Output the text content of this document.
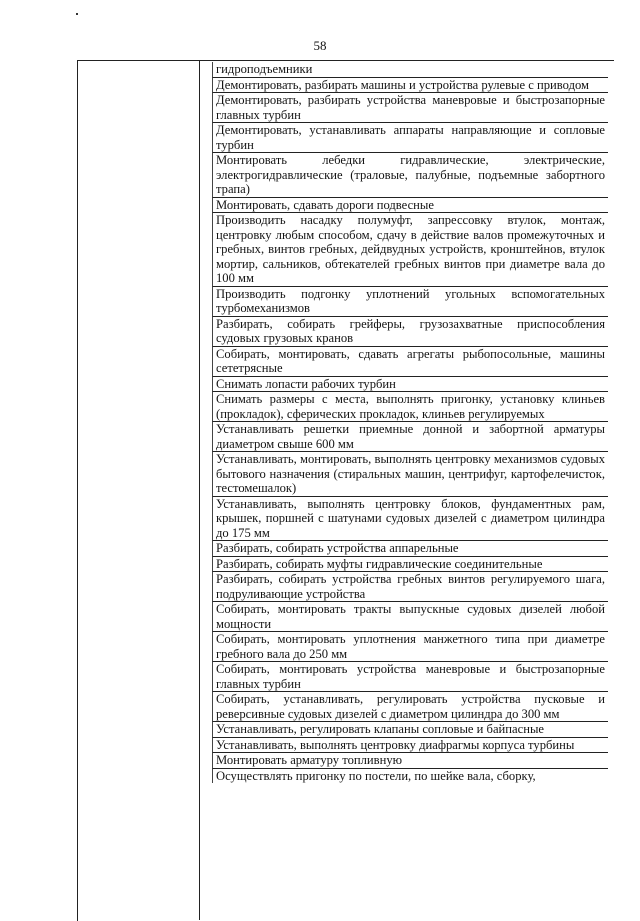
58
гидроподъемники
Демонтировать, разбирать машины и устройства рулевые с приводом
Демонтировать, разбирать устройства маневровые и быстрозапорные главных турбин
Демонтировать, устанавливать аппараты направляющие и сопловые турбин
Монтировать лебедки гидравлические, электрические, электрогидравлические (траловые, палубные, подъемные забортного трапа)
Монтировать, сдавать дороги подвесные
Производить насадку полумуфт, запрессовку втулок, монтаж, центровку любым способом, сдачу в действие валов промежуточных и гребных, винтов гребных, дейдвудных устройств, кронштейнов, втулок мортир, сальников, обтекателей гребных винтов при диаметре вала до 100 мм
Производить подгонку уплотнений угольных вспомогательных турбомеханизмов
Разбирать, собирать грейферы, грузозахватные приспособления судовых грузовых кранов
Собирать, монтировать, сдавать агрегаты рыбопосольные, машины сететрясные
Снимать лопасти рабочих турбин
Снимать размеры с места, выполнять пригонку, установку клиньев (прокладок), сферических прокладок, клиньев регулируемых
Устанавливать решетки приемные донной и забортной арматуры диаметром свыше 600 мм
Устанавливать, монтировать, выполнять центровку механизмов судовых бытового назначения (стиральных машин, центрифуг, картофелечисток, тестомешалок)
Устанавливать, выполнять центровку блоков, фундаментных рам, крышек, поршней с шатунами судовых дизелей с диаметром цилиндра до 175 мм
Разбирать, собирать устройства аппарельные
Разбирать, собирать муфты гидравлические соединительные
Разбирать, собирать устройства гребных винтов регулируемого шага, подруливающие устройства
Собирать, монтировать тракты выпускные судовых дизелей любой мощности
Собирать, монтировать уплотнения манжетного типа при диаметре гребного вала до 250 мм
Собирать, монтировать устройства маневровые и быстрозапорные главных турбин
Собирать, устанавливать, регулировать устройства пусковые и реверсивные судовых дизелей с диаметром цилиндра до 300 мм
Устанавливать, регулировать клапаны сопловые и байпасные
Устанавливать, выполнять центровку диафрагмы корпуса турбины
Монтировать арматуру топливную
Осуществлять пригонку по постели, по шейке вала, сборку,
